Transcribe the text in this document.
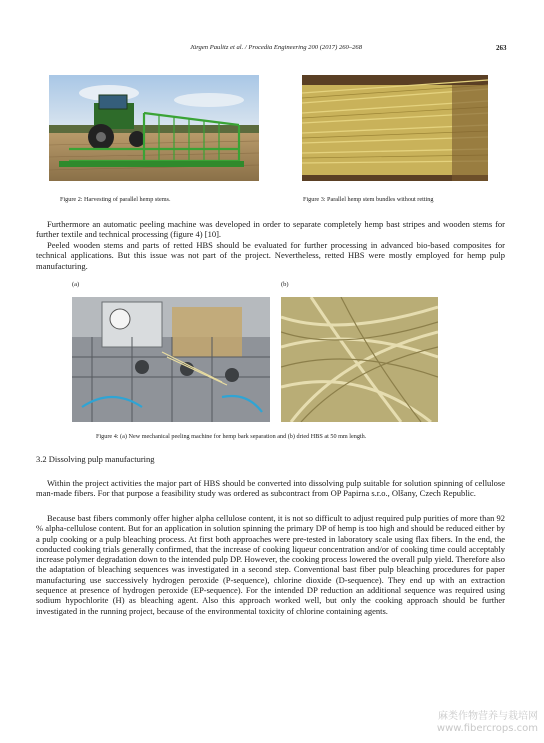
Jürgen Paulitz et al. / Procedia Engineering 200 (2017) 260–268	263
Figure 2: Harvesting of parallel hemp stems.	Figure 3: Parallel hemp stem bundles without retting

Furthermore an automatic peeling machine was developed in order to separate completely hemp bast stripes and wooden stems for further textile and technical processing (figure 4) [10].

Peeled wooden stems and parts of retted HBS should be evaluated for further processing in advanced bio-based composites for technical applications. But this issue was not part of the project. Nevertheless, retted HBS were mostly employed for hemp pulp manufacturing.

(a)	(b)
Figure 4: (a) New mechanical peeling machine for hemp bark separation and (b) dried HBS at 50 mm length.
3.2 Dissolving pulp manufacturing

Within the project activities the major part of HBS should be converted into dissolving pulp suitable for solution spinning of cellulose man-made fibers. For that purpose a feasibility study was ordered as subcontract from OP Papirna s.r.o., Olšany, Czech Republic.

Because bast fibers commonly offer higher alpha cellulose content, it is not so difficult to adjust required pulp purities of more than 92 % alpha-cellulose content. But for an application in solution spinning the primary DP of hemp is too high and should be reduced either by a pulp cooking or a pulp bleaching process. At first both approaches were pre-tested in laboratory scale using flax fibers. In the end, the conducted cooking trials generally confirmed, that the increase of cooking liqueur concentration and/or of cooking time could acceptably increase polymer degradation down to the intended pulp DP. However, the cooking process lowered the overall pulp yield. Therefore also the adaptation of bleaching sequences was investigated in a second step. Conventional bast fiber pulp bleaching procedures for paper manufacturing use successively hydrogen peroxide (P-sequence), chlorine dioxide (D-sequence). They end up with an extraction sequence at presence of hydrogen peroxide (EP-sequence). For the intended DP reduction an additional sequence was required using sodium hypochlorite (H) as bleaching agent. Also this approach worked well, but only the cooking approach should be further investigated in the running project, because of the environmental toxicity of chlorine containing agents.

麻类作物营养与栽培网
www.fibercrops.com
